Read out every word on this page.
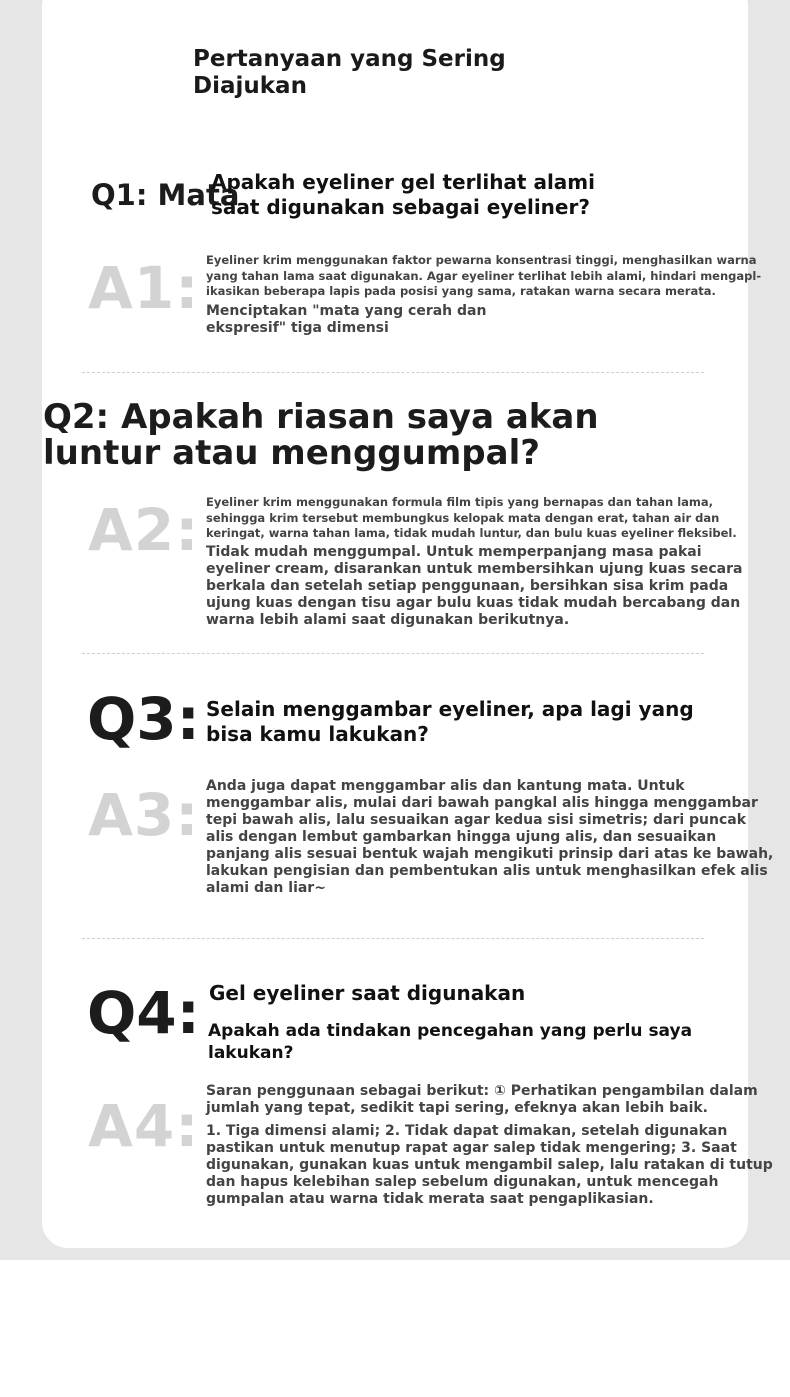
Pertanyaan yang Sering Diajukan
Q1: Mata
Apakah eyeliner gel terlihat alami saat digunakan sebagai eyeliner?
A1: Eyeliner krim menggunakan faktor pewarna konsentrasi tinggi, menghasilkan warna yang tahan lama saat digunakan. Agar eyeliner terlihat lebih alami, hindari mengapl-ikasikan beberapa lapis pada posisi yang sama, ratakan warna secara merata.
Menciptakan "mata yang cerah dan ekspresif" tiga dimensi
Q2: Apakah riasan saya akan luntur atau menggumpal?
A2: Eyeliner krim menggunakan formula film tipis yang bernapas dan tahan lama, sehingga krim tersebut membungkus kelopak mata dengan erat, tahan air dan keringat, warna tahan lama, tidak mudah luntur, dan bulu kuas eyeliner fleksibel.
Tidak mudah menggumpal. Untuk memperpanjang masa pakai eyeliner cream, disarankan untuk membersihkan ujung kuas secara berkala dan setelah setiap penggunaan, bersihkan sisa krim pada ujung kuas dengan tisu agar bulu kuas tidak mudah bercabang dan warna lebih alami saat digunakan berikutnya.
Q3: Selain menggambar eyeliner, apa lagi yang bisa kamu lakukan?
A3: Anda juga dapat menggambar alis dan kantung mata. Untuk menggambar alis, mulai dari bawah pangkal alis hingga menggambar tepi bawah alis, lalu sesuaikan agar kedua sisi simetris; dari puncak alis dengan lembut gambarkan hingga ujung alis, dan sesuaikan panjang alis sesuai bentuk wajah mengikuti prinsip dari atas ke bawah, lakukan pengisian dan pembentukan alis untuk menghasilkan efek alis alami dan liar~
Q4: Gel eyeliner saat digunakan
Apakah ada tindakan pencegahan yang perlu saya lakukan?
A4:
Saran penggunaan sebagai berikut: ① Perhatikan pengambilan dalam jumlah yang tepat, sedikit tapi sering, efeknya akan lebih baik.
1. Tiga dimensi alami; 2. Tidak dapat dimakan, setelah digunakan pastikan untuk menutup rapat agar salep tidak mengering; 3. Saat digunakan, gunakan kuas untuk mengambil salep, lalu ratakan di tutup dan hapus kelebihan salep sebelum digunakan, untuk mencegah gumpalan atau warna tidak merata saat pengaplikasian.
